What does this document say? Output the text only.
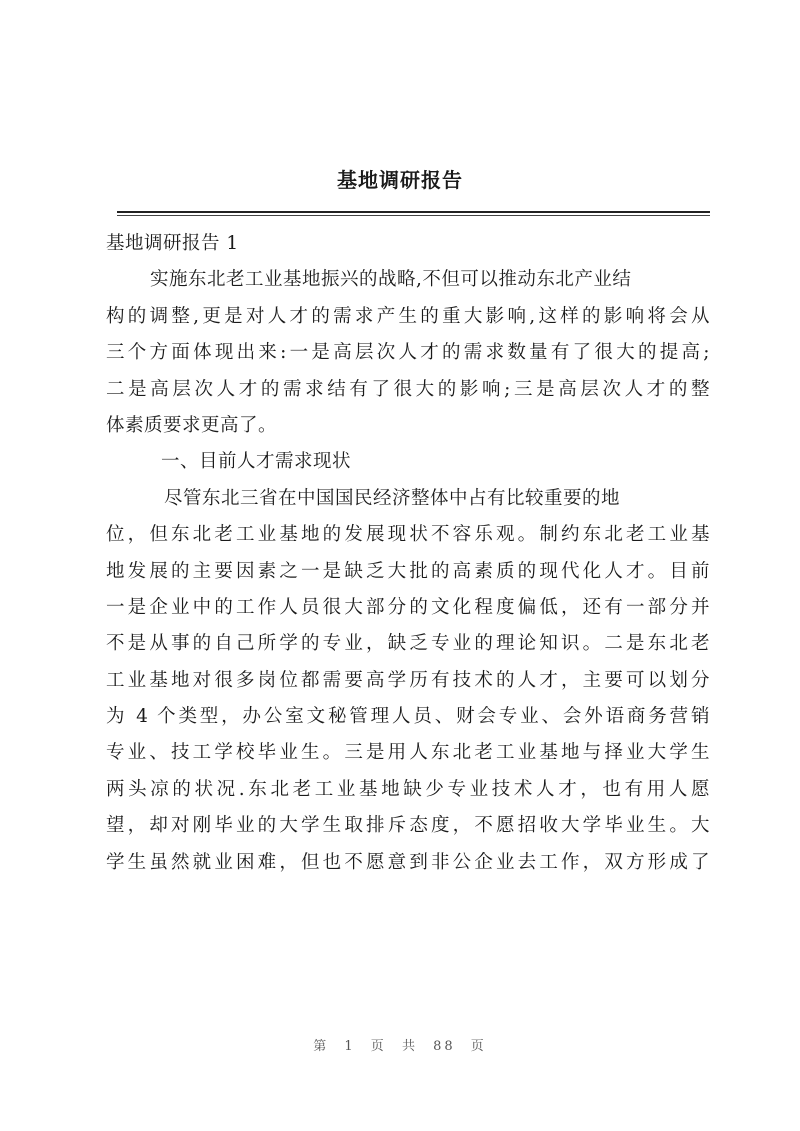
基地调研报告
基地调研报告 1
实施东北老工业基地振兴的战略,不但可以推动东北产业结
构的调整,更是对人才的需求产生的重大影响,这样的影响将会从
三个方面体现出来:一是高层次人才的需求数量有了很大的提高;
二是高层次人才的需求结有了很大的影响;三是高层次人才的整
体素质要求更高了。
一、目前人才需求现状
尽管东北三省在中国国民经济整体中占有比较重要的地
位，但东北老工业基地的发展现状不容乐观。制约东北老工业基
地发展的主要因素之一是缺乏大批的高素质的现代化人才。目前
一是企业中的工作人员很大部分的文化程度偏低，还有一部分并
不是从事的自己所学的专业，缺乏专业的理论知识。二是东北老
工业基地对很多岗位都需要高学历有技术的人才，主要可以划分
为 4 个类型，办公室文秘管理人员、财会专业、会外语商务营销
专业、技工学校毕业生。三是用人东北老工业基地与择业大学生
两头凉的状况.东北老工业基地缺少专业技术人才，也有用人愿
望，却对刚毕业的大学生取排斥态度，不愿招收大学毕业生。大
学生虽然就业困难，但也不愿意到非公企业去工作，双方形成了
第 1 页 共 88 页
